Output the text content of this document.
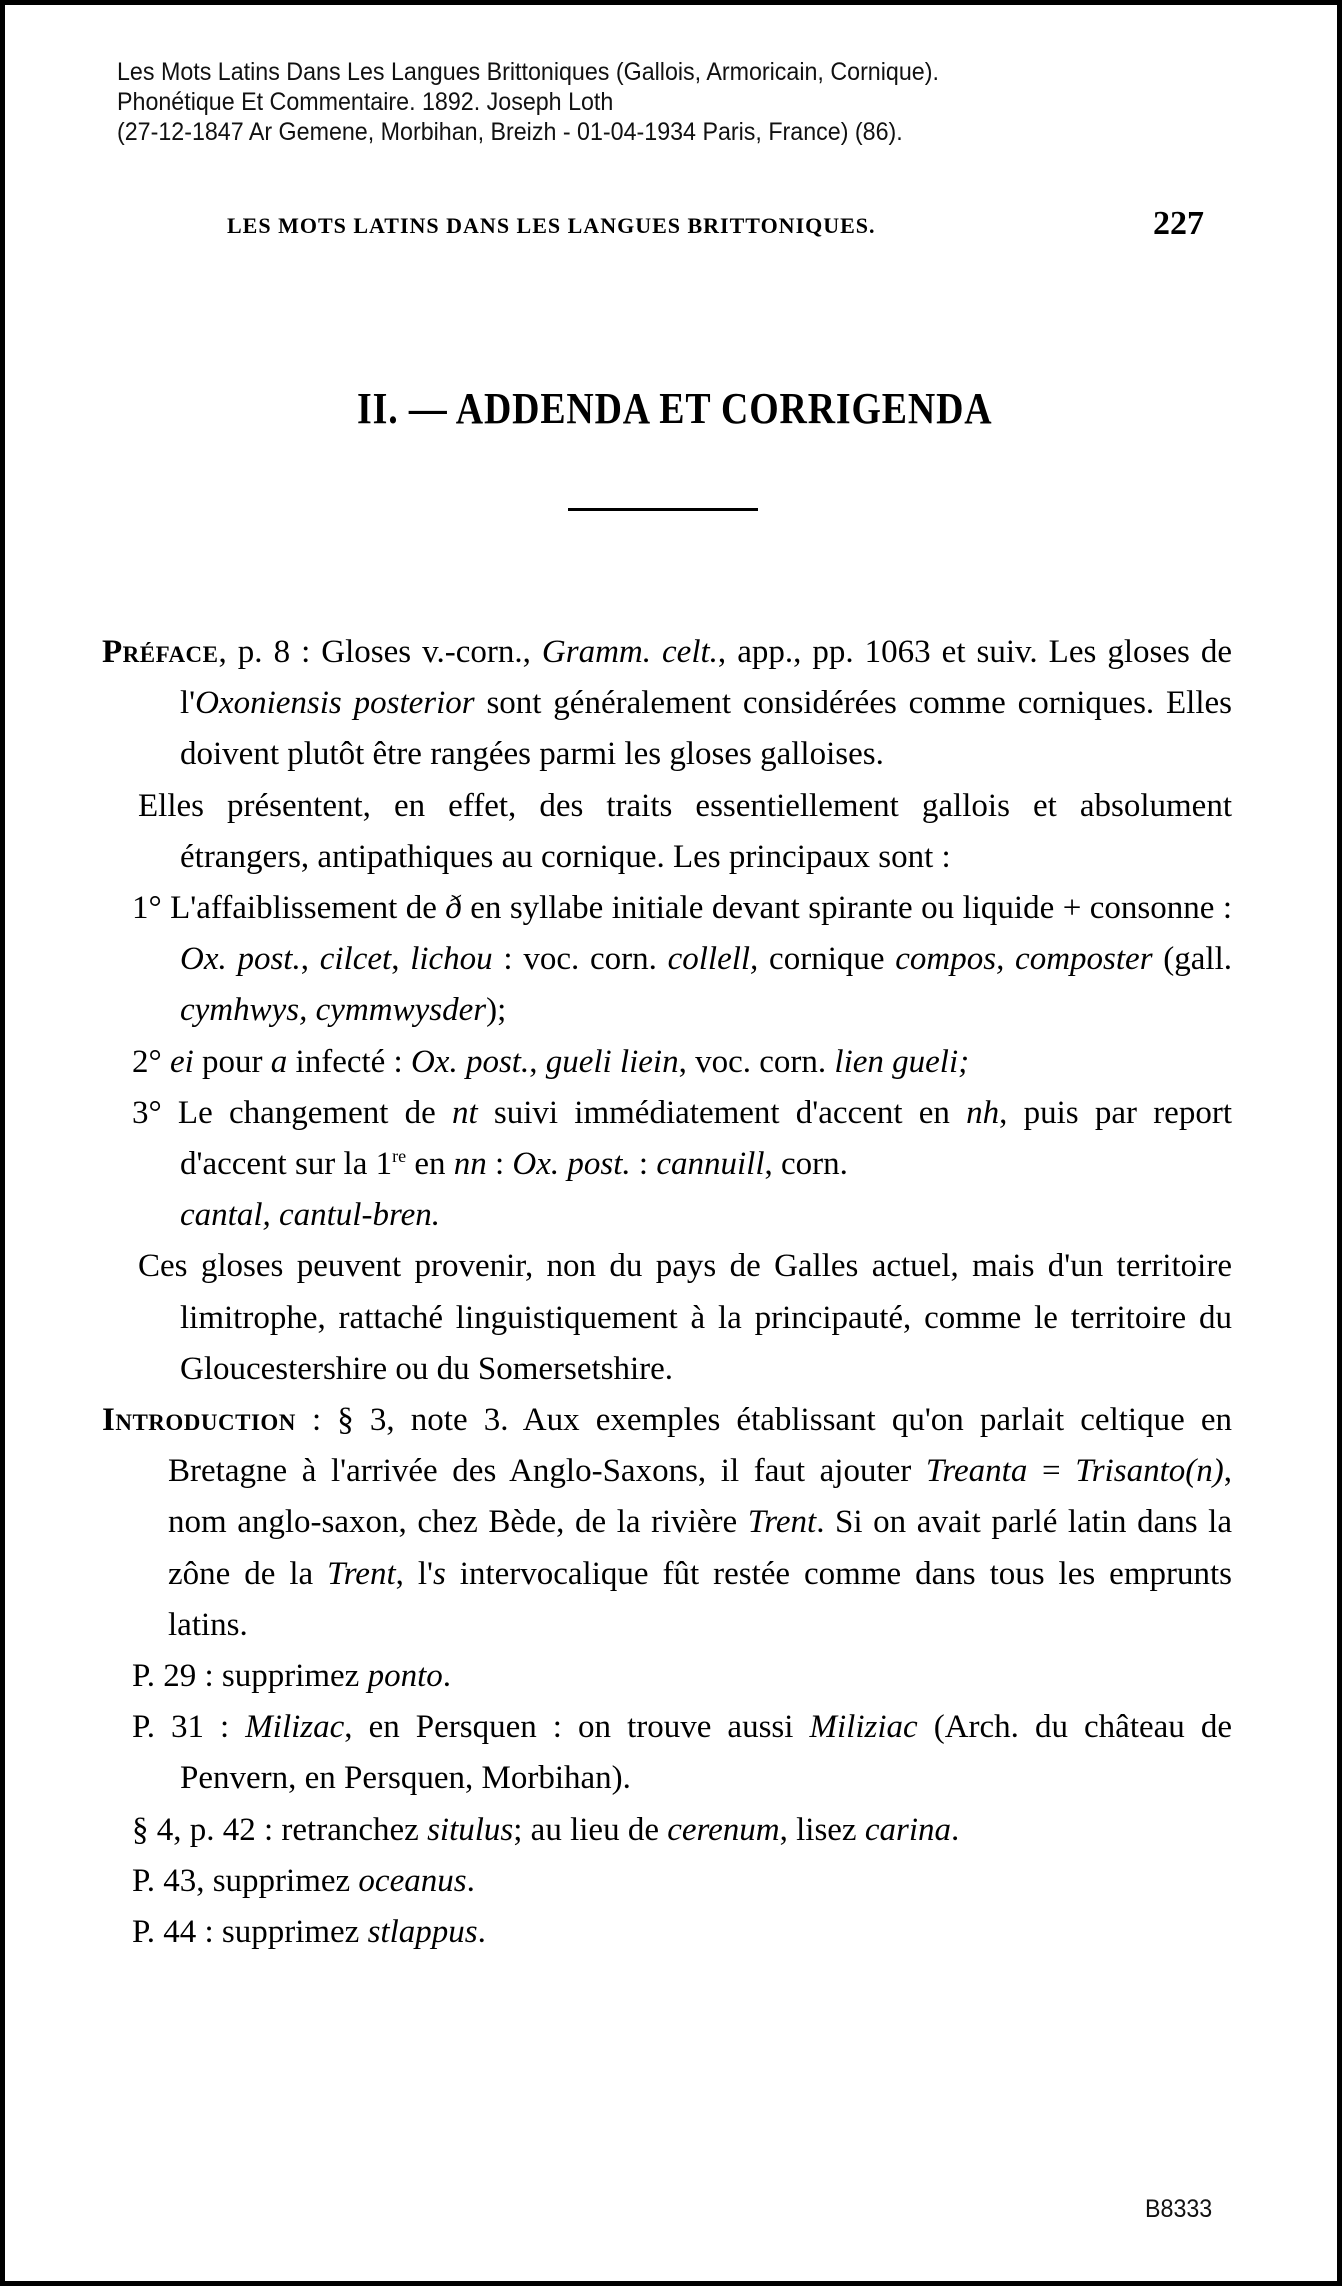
Les Mots Latins Dans Les Langues Brittoniques (Gallois, Armoricain, Cornique).
Phonétique Et Commentaire. 1892. Joseph Loth
(27-12-1847 Ar Gemene, Morbihan, Breizh - 01-04-1934 Paris, France) (86).
LES MOTS LATINS DANS LES LANGUES BRITTONIQUES.	227
II. — ADDENDA ET CORRIGENDA

Préface, p. 8 : Gloses v.-corn., Gramm. celt., app., pp. 1063 et suiv. Les gloses de l'Oxoniensis posterior sont généralement considérées comme corniques. Elles doivent plutôt être rangées parmi les gloses galloises.

Elles présentent, en effet, des traits essentiellement gallois et absolument étrangers, antipathiques au cornique. Les principaux sont :

1° L'affaiblissement de ð en syllabe initiale devant spirante ou liquide + consonne : Ox. post., cilcet, lichou : voc. corn. collell, cornique compos, composter (gall. cymhwys, cymmwysder);

2° ei pour a infecté : Ox. post., gueli liein, voc. corn. lien gueli;

3° Le changement de nt suivi immédiatement d'accent en nh, puis par report d'accent sur la 1re en nn : Ox. post. : cannuill, corn.
cantal, cantul-bren.

Ces gloses peuvent provenir, non du pays de Galles actuel, mais d'un territoire limitrophe, rattaché linguistiquement à la principauté, comme le territoire du Gloucestershire ou du Somersetshire.

Introduction : § 3, note 3. Aux exemples établissant qu'on parlait celtique en Bretagne à l'arrivée des Anglo-Saxons, il faut ajouter Treanta = Trisanto(n), nom anglo-saxon, chez Bède, de la rivière Trent. Si on avait parlé latin dans la zône de la Trent, l's intervocalique fût restée comme dans tous les emprunts latins.

P. 29 : supprimez ponto.

P. 31 : Milizac, en Persquen : on trouve aussi Miliziac (Arch. du château de Penvern, en Persquen, Morbihan).

§ 4, p. 42 : retranchez situlus; au lieu de cerenum, lisez carina.

P. 43, supprimez oceanus.

P. 44 : supprimez stlappus.

B8333
